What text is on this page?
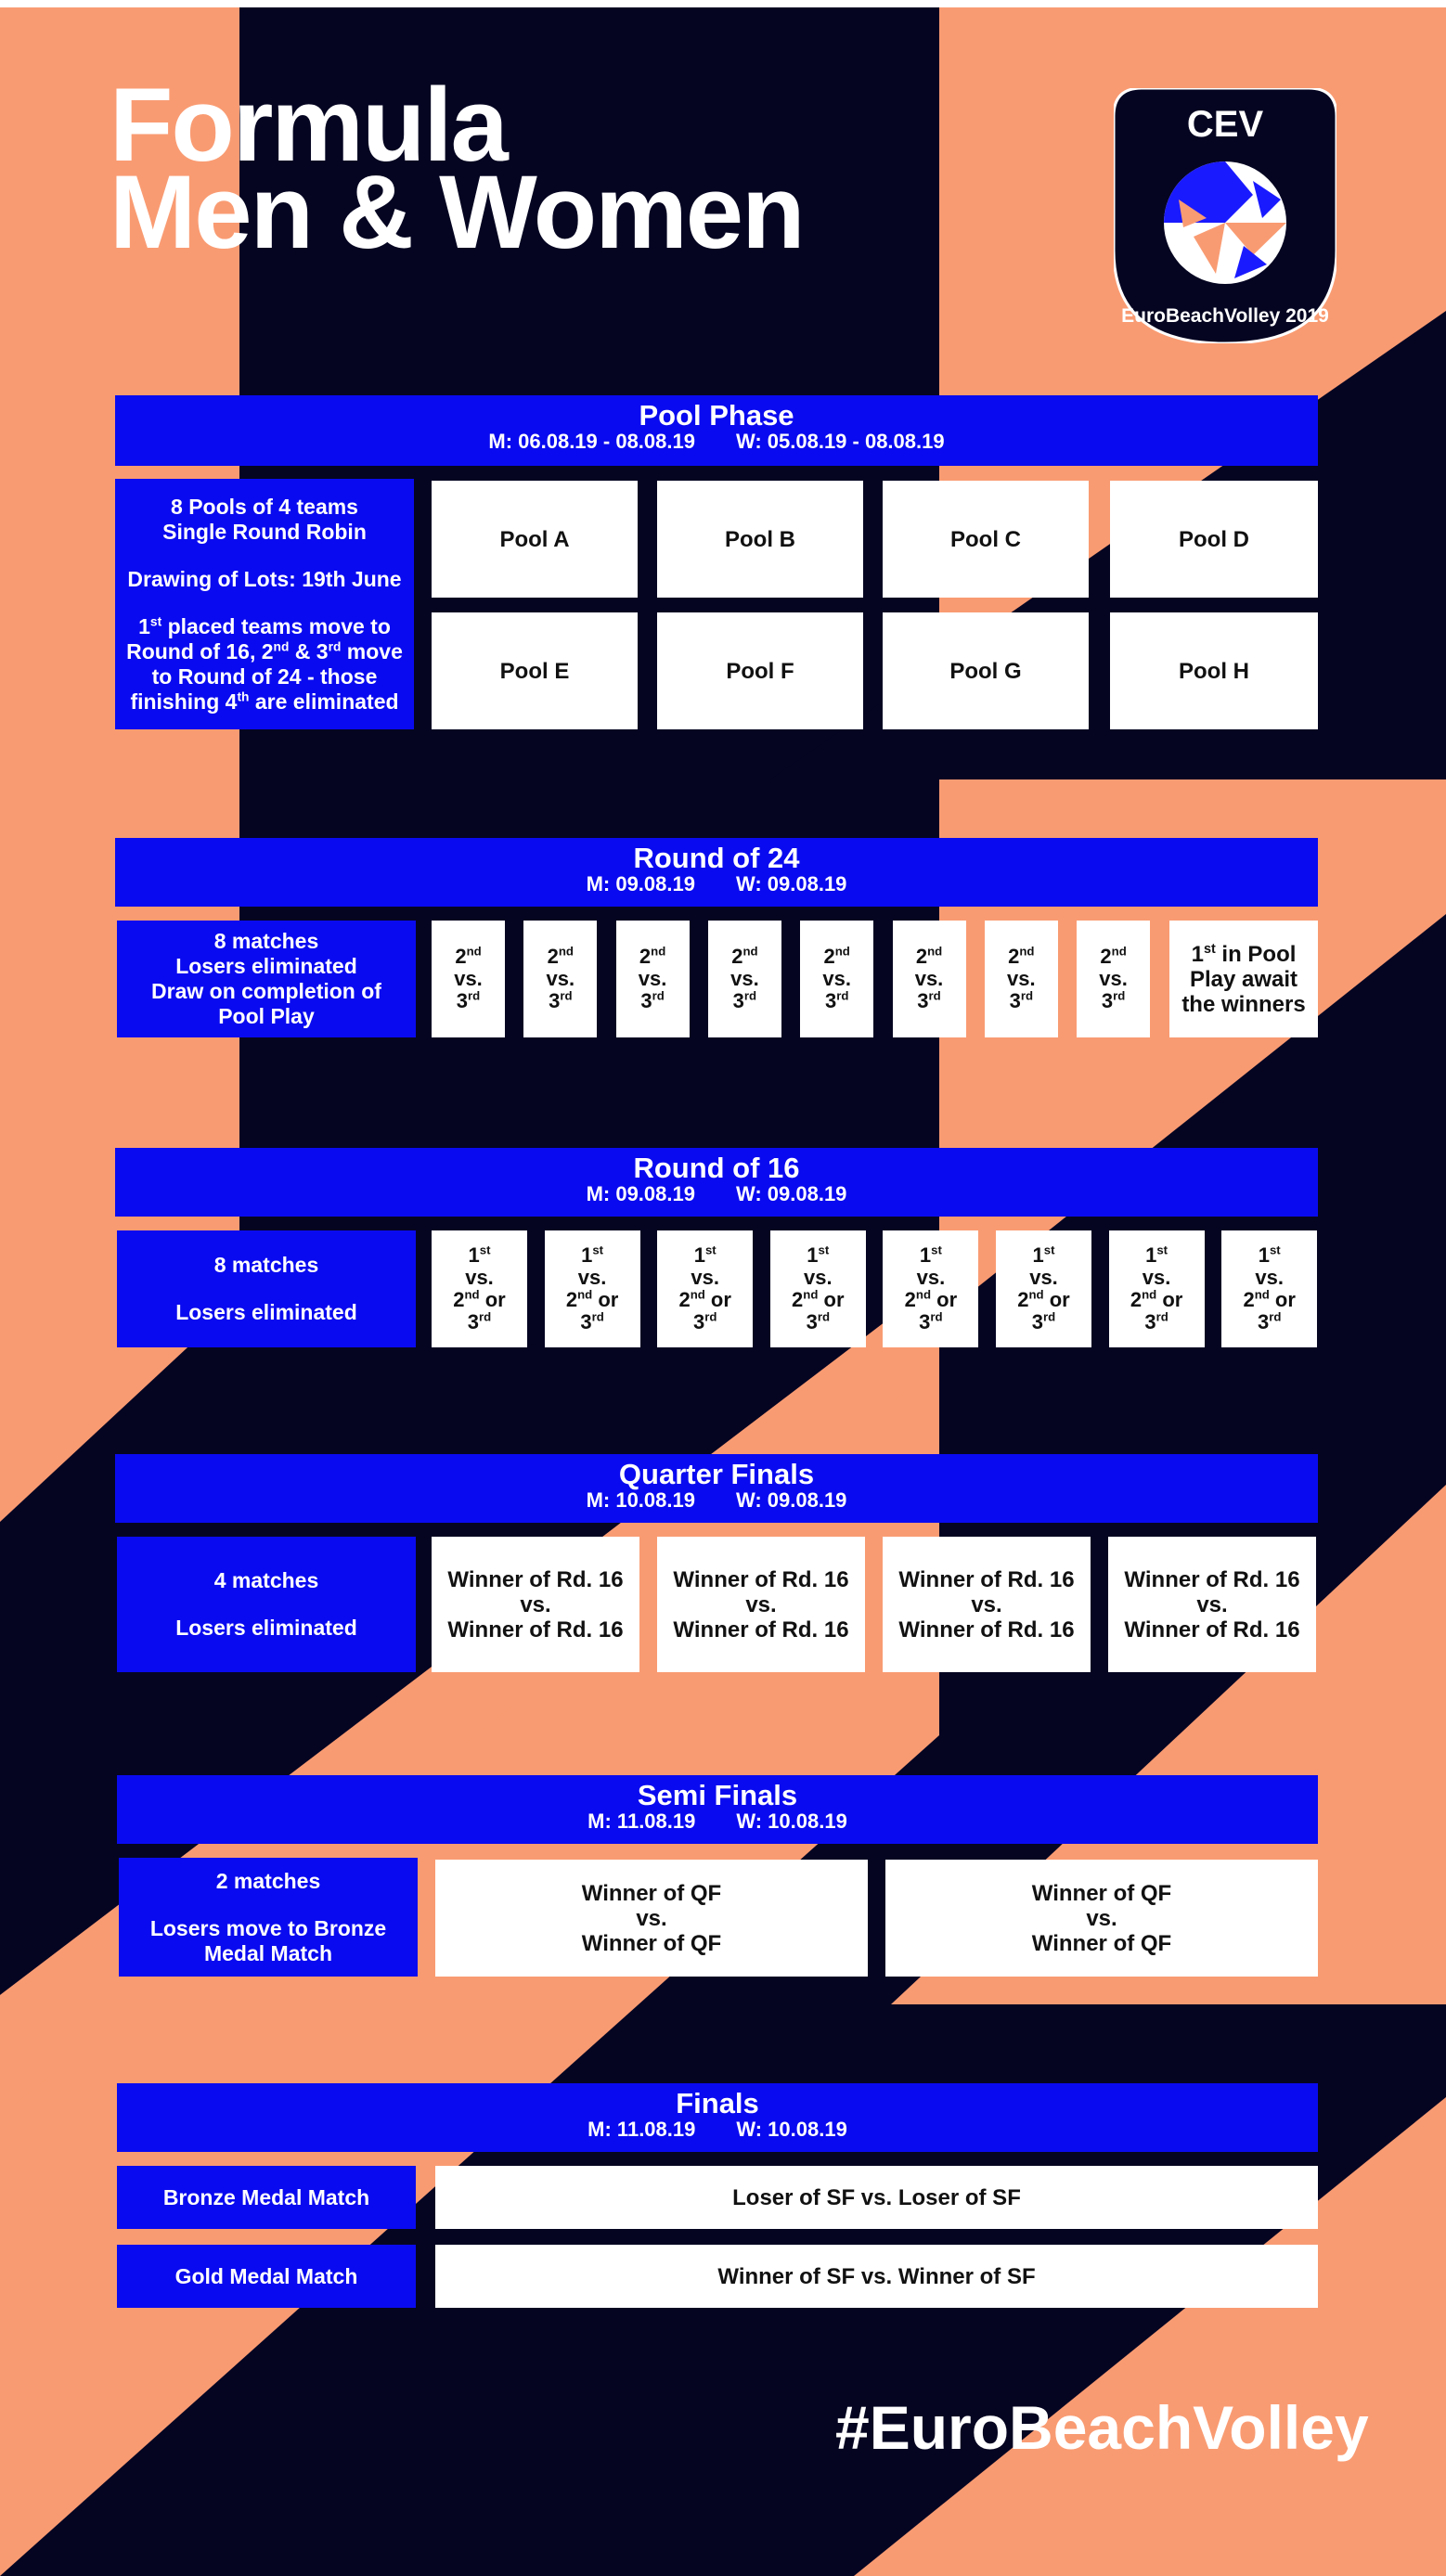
Formula
Men & Women
CEV
EuroBeachVolley 2019
Pool Phase
M: 06.08.19 - 08.08.19 W: 05.08.19 - 08.08.19
8 Pools of 4 teams
Single Round Robin
Drawing of Lots: 19th June
1st placed teams move to
Round of 16, 2nd & 3rd move
to Round of 24 - those
finishing 4th are eliminated
Pool A	Pool B	Pool C	Pool D
Pool E	Pool F	Pool G	Pool H
Round of 24
M: 09.08.19 W: 09.08.19
8 matches
Losers eliminated
Draw on completion of
Pool Play
2nd
vs.
3rd
2nd
vs.
3rd
2nd
vs.
3rd
2nd
vs.
3rd
2nd
vs.
3rd
2nd
vs.
3rd
2nd
vs.
3rd
2nd
vs.
3rd
1st in Pool
Play await
the winners
Round of 16
M: 09.08.19 W: 09.08.19
8 matches
Losers eliminated
1st
vs.
2nd or
3rd
1st
vs.
2nd or
3rd
1st
vs.
2nd or
3rd
1st
vs.
2nd or
3rd
1st
vs.
2nd or
3rd
1st
vs.
2nd or
3rd
1st
vs.
2nd or
3rd
1st
vs.
2nd or
3rd
Quarter Finals
M: 10.08.19 W: 09.08.19
4 matches
Losers eliminated
Winner of Rd. 16
vs.
Winner of Rd. 16
Winner of Rd. 16
vs.
Winner of Rd. 16
Winner of Rd. 16
vs.
Winner of Rd. 16
Winner of Rd. 16
vs.
Winner of Rd. 16
Semi Finals
M: 11.08.19 W: 10.08.19
2 matches
Losers move to Bronze
Medal Match
Winner of QF
vs.
Winner of QF
Winner of QF
vs.
Winner of QF
Finals
M: 11.08.19 W: 10.08.19
Bronze Medal Match	Loser of SF vs. Loser of SF
Gold Medal Match	Winner of SF vs. Winner of SF
#EuroBeachVolley
